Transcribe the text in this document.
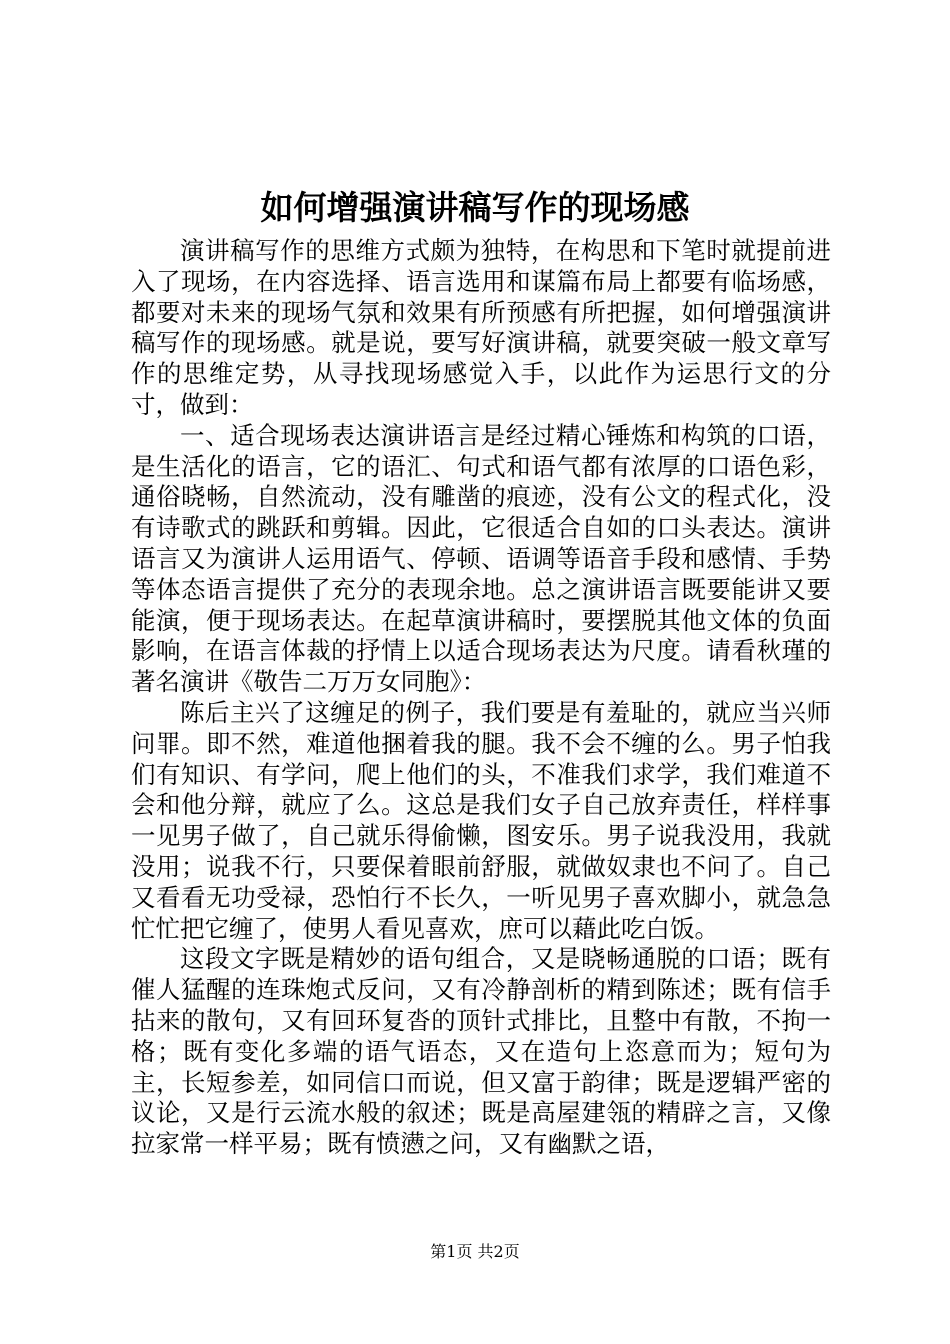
如何增强演讲稿写作的现场感

演讲稿写作的思维方式颇为独特，在构思和下笔时就提前进入了现场，在内容选择、语言选用和谋篇布局上都要有临场感，都要对未来的现场气氛和效果有所预感有所把握，如何增强演讲稿写作的现场感。就是说，要写好演讲稿，就要突破一般文章写作的思维定势，从寻找现场感觉入手，以此作为运思行文的分寸，做到：

一、适合现场表达演讲语言是经过精心锤炼和构筑的口语，是生活化的语言，它的语汇、句式和语气都有浓厚的口语色彩，通俗晓畅，自然流动，没有雕凿的痕迹，没有公文的程式化，没有诗歌式的跳跃和剪辑。因此，它很适合自如的口头表达。演讲语言又为演讲人运用语气、停顿、语调等语音手段和感情、手势等体态语言提供了充分的表现余地。总之演讲语言既要能讲又要能演，便于现场表达。在起草演讲稿时，要摆脱其他文体的负面影响，在语言体裁的抒情上以适合现场表达为尺度。请看秋瑾的著名演讲《敬告二万万女同胞》：

陈后主兴了这缠足的例子，我们要是有羞耻的，就应当兴师问罪。即不然，难道他捆着我的腿。我不会不缠的么。男子怕我们有知识、有学问，爬上他们的头，不准我们求学，我们难道不会和他分辩，就应了么。这总是我们女子自己放弃责任，样样事一见男子做了，自己就乐得偷懒，图安乐。男子说我没用，我就没用；说我不行，只要保着眼前舒服，就做奴隶也不问了。自己又看看无功受禄，恐怕行不长久，一听见男子喜欢脚小，就急急忙忙把它缠了，使男人看见喜欢，庶可以藉此吃白饭。

这段文字既是精妙的语句组合，又是晓畅通脱的口语；既有催人猛醒的连珠炮式反问，又有冷静剖析的精到陈述；既有信手拈来的散句，又有回环复沓的顶针式排比，且整中有散，不拘一格；既有变化多端的语气语态，又在造句上恣意而为；短句为主，长短参差，如同信口而说，但又富于韵律；既是逻辑严密的议论，又是行云流水般的叙述；既是高屋建瓴的精辟之言，又像拉家常一样平易；既有愤懑之问，又有幽默之语，

第1页 共2页
